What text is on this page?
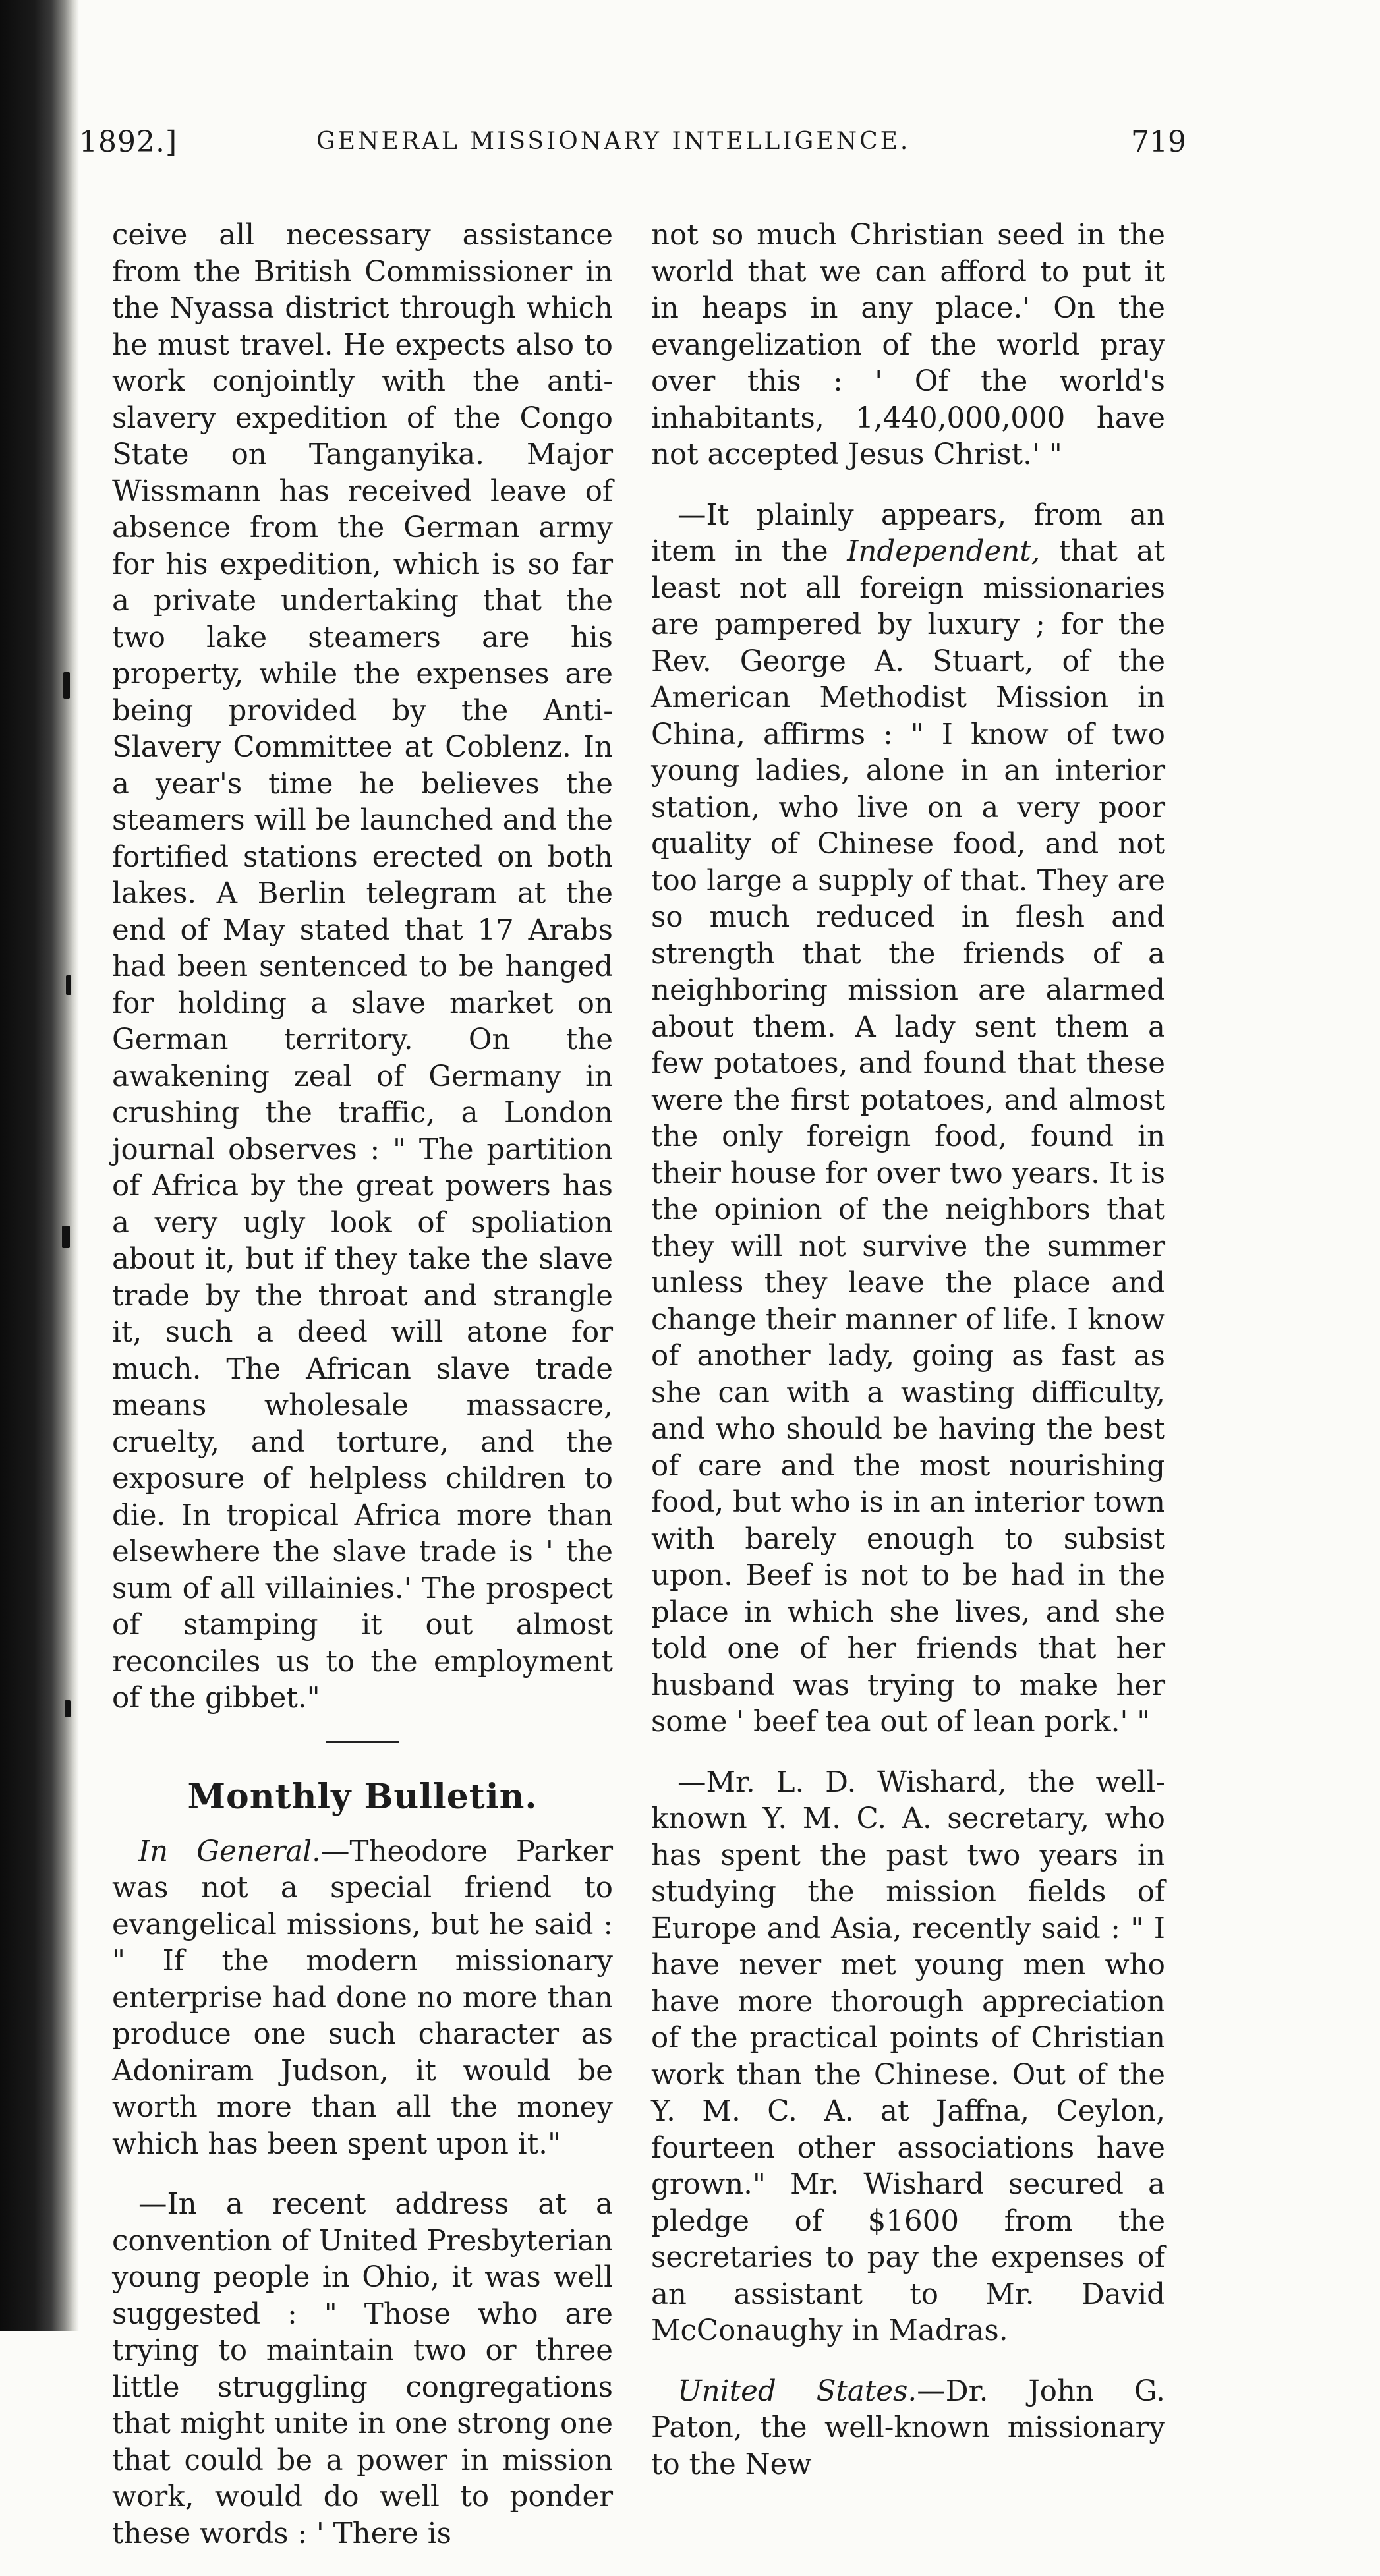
1892.]	GENERAL MISSIONARY INTELLIGENCE.	719

ceive all necessary assistance from the British Commissioner in the Nyassa district through which he must travel. He expects also to work conjointly with the anti-slavery expedition of the Congo State on Tanganyika. Major Wissmann has received leave of absence from the German army for his expedition, which is so far a private undertaking that the two lake steamers are his property, while the expenses are being provided by the Anti-Slavery Committee at Coblenz. In a year's time he believes the steamers will be launched and the fortified stations erected on both lakes. A Berlin telegram at the end of May stated that 17 Arabs had been sentenced to be hanged for holding a slave market on German territory. On the awakening zeal of Germany in crushing the traffic, a London journal observes : " The partition of Africa by the great powers has a very ugly look of spoliation about it, but if they take the slave trade by the throat and strangle it, such a deed will atone for much. The African slave trade means wholesale massacre, cruelty, and torture, and the exposure of helpless children to die. In tropical Africa more than elsewhere the slave trade is ' the sum of all villainies.' The prospect of stamping it out almost reconciles us to the employment of the gibbet."

Monthly Bulletin.

In General.—Theodore Parker was not a special friend to evangelical missions, but he said : " If the modern missionary enterprise had done no more than produce one such character as Adoniram Judson, it would be worth more than all the money which has been spent upon it."

—In a recent address at a convention of United Presbyterian young people in Ohio, it was well suggested : " Those who are trying to maintain two or three little struggling congregations that might unite in one strong one that could be a power in mission work, would do well to ponder these words : ' There is

not so much Christian seed in the world that we can afford to put it in heaps in any place.' On the evangelization of the world pray over this : ' Of the world's inhabitants, 1,440,000,000 have not accepted Jesus Christ.' "

—It plainly appears, from an item in the Independent, that at least not all foreign missionaries are pampered by luxury ; for the Rev. George A. Stuart, of the American Methodist Mission in China, affirms : " I know of two young ladies, alone in an interior station, who live on a very poor quality of Chinese food, and not too large a supply of that. They are so much reduced in flesh and strength that the friends of a neighboring mission are alarmed about them. A lady sent them a few potatoes, and found that these were the first potatoes, and almost the only foreign food, found in their house for over two years. It is the opinion of the neighbors that they will not survive the summer unless they leave the place and change their manner of life. I know of another lady, going as fast as she can with a wasting difficulty, and who should be having the best of care and the most nourishing food, but who is in an interior town with barely enough to subsist upon. Beef is not to be had in the place in which she lives, and she told one of her friends that her husband was trying to make her some ' beef tea out of lean pork.' "

—Mr. L. D. Wishard, the well-known Y. M. C. A. secretary, who has spent the past two years in studying the mission fields of Europe and Asia, recently said : " I have never met young men who have more thorough appreciation of the practical points of Christian work than the Chinese. Out of the Y. M. C. A. at Jaffna, Ceylon, fourteen other associations have grown." Mr. Wishard secured a pledge of $1600 from the secretaries to pay the expenses of an assistant to Mr. David McConaughy in Madras.

United States.—Dr. John G. Paton, the well-known missionary to the New
